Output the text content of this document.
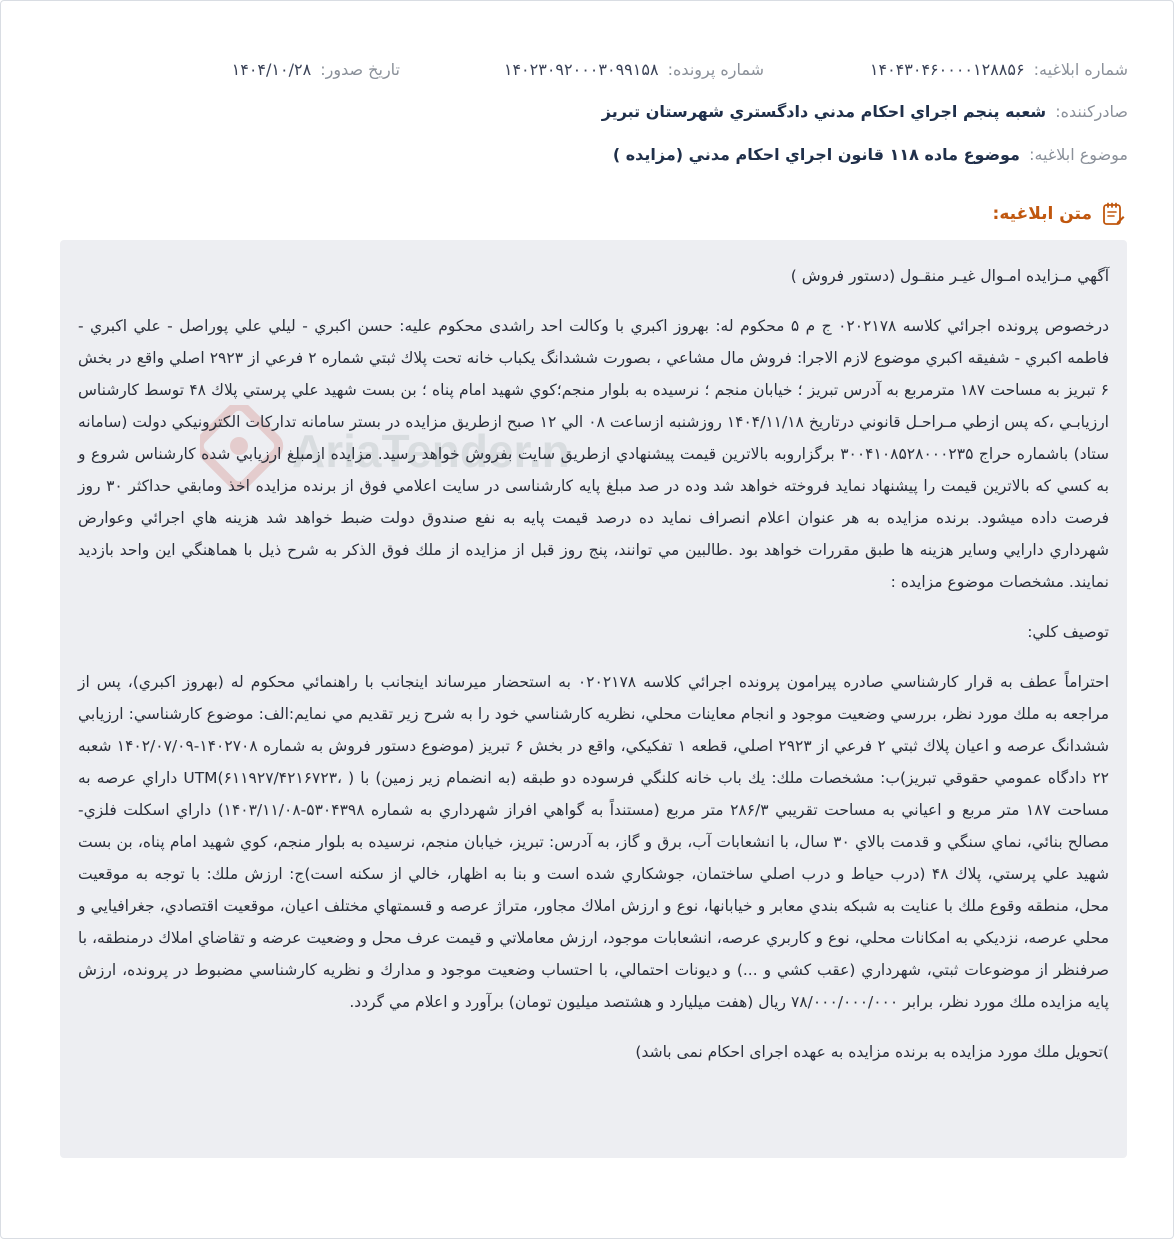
شماره ابلاغیه: ۱۴۰۴۳۰۴۶۰۰۰۰۱۲۸۸۵۶
شماره پرونده: ۱۴۰۲۳۰۹۲۰۰۰۳۰۹۹۱۵۸
تاریخ صدور: ۱۴۰۴/۱۰/۲۸
صادرکننده: شعبه پنجم اجراي احكام مدني دادگستري شهرستان تبريز
موضوع ابلاغیه: موضوع ماده ۱۱۸ قانون اجراي احكام مدني (مزايده )
متن ابلاغیه:
AriaTender.n

آگهي مـزايده امـوال غيـر منقـول (دستور فروش )

درخصوص پرونده اجرائي كلاسه ۰۲۰۲۱۷۸ ج م ۵ محكوم له: بهروز اكبري با وكالت احد راشدی محكوم عليه: حسن اكبري - ليلي علي پوراصل - علي اكبري - فاطمه اكبري - شفيقه اكبري موضوع لازم الاجرا: فروش مال مشاعي ، بصورت ششدانگ يكباب خانه تحت پلاك ثبتي شماره ۲ فرعي از ۲۹۲۳ اصلي واقع در بخش ۶ تبريز به مساحت ۱۸۷ مترمربع به آدرس تبريز ؛ خيابان منجم ؛ نرسيده به بلوار منجم؛كوي شهيد امام پناه ؛ بن بست شهيد علي پرستي پلاك ۴۸ توسط كارشناس ارزيابـي ،كه پس ازطي مـراحـل قانوني درتاريخ ۱۴۰۴/۱۱/۱۸ روزشنبه ازساعت ۰۸ الي ۱۲ صبح ازطريق مزايده در بستر سامانه تداركات الكترونيكي دولت (سامانه ستاد) باشماره حراج ۳۰۰۴۱۰۸۵۲۸۰۰۰۲۳۵ برگزاروبه بالاترين قيمت پيشنهادي ازطريق سايت بفروش خواهد رسيد. مزايده ازمبلغ ارزيابي شده كارشناس شروع و به كسي كه بالاترين قيمت را پيشنهاد نمايد فروخته خواهد شد وده در صد مبلغ پايه كارشناسی در سايت اعلامي فوق از برنده مزايده اخذ ومابقي حداكثر ۳۰ روز فرصت داده ميشود. برنده مزايده به هر عنوان اعلام انصراف نمايد ده درصد قيمت پايه به نفع صندوق دولت ضبط خواهد شد هزينه هاي اجرائي وعوارض شهرداري دارايي وساير هزينه ها طبق مقررات خواهد بود .طالبين مي توانند، پنج روز قبل از مزايده از ملك فوق الذكر به شرح ذيل با هماهنگي اين واحد بازديد نمايند. مشخصات موضوع مزايده :

توصيف كلي:

احتراماً عطف به قرار كارشناسي صادره پيرامون پرونده اجرائي كلاسه ۰۲۰۲۱۷۸ به استحضار ميرساند اينجانب با راهنمائي محكوم له (بهروز اكبري)، پس از مراجعه به ملك مورد نظر، بررسي وضعيت موجود و انجام معاينات محلي، نظريه كارشناسي خود را به شرح زير تقديم مي نمايم:الف: موضوع كارشناسي: ارزيابي ششدانگ عرصه و اعيان پلاك ثبتي ۲ فرعي از ۲۹۲۳ اصلي، قطعه ۱ تفكيكي، واقع در بخش ۶ تبريز (موضوع دستور فروش به شماره ۱۴۰۲۷۰۸-۱۴۰۲/۰۷/۰۹ شعبه ۲۲ دادگاه عمومي حقوقي تبريز)ب: مشخصات ملك: يك باب خانه كلنگي فرسوده دو طبقه (به انضمام زير زمين) با UTM(۶۱۱۹۲۷/۴۲۱۶۷۲۳، ) داراي عرصه به مساحت ۱۸۷ متر مربع و اعياني به مساحت تقريبي ۲۸۶/۳ متر مربع (مستنداً به گواهي افراز شهرداري به شماره ۵۳۰۴۳۹۸-۱۴۰۳/۱۱/۰۸) داراي اسكلت فلزي-مصالح بنائي، نماي سنگي و قدمت بالاي ۳۰ سال، با انشعابات آب، برق و گاز، به آدرس: تبريز، خيابان منجم، نرسيده به بلوار منجم، كوي شهيد امام پناه، بن بست شهيد علي پرستي، پلاك ۴۸ (درب حياط و درب اصلي ساختمان، جوشكاري شده است و بنا به اظهار، خالي از سكنه است)ج: ارزش ملك: با توجه به موقعيت محل، منطقه وقوع ملك با عنايت به شبكه بندي معابر و خيابانها، نوع و ارزش املاك مجاور، متراژ عرصه و قسمتهاي مختلف اعيان، موقعيت اقتصادي، جغرافيايي و محلي عرصه، نزديكي به امكانات محلي، نوع و كاربري عرصه، انشعابات موجود، ارزش معاملاتي و قيمت عرف محل و وضعيت عرضه و تقاضاي املاك درمنطقه، با صرفنظر از موضوعات ثبتي، شهرداري (عقب كشي و ...) و ديونات احتمالي، با احتساب وضعيت موجود و مدارك و نظريه كارشناسي مضبوط در پرونده، ارزش پايه مزايده ملك مورد نظر، برابر ۷۸/۰۰۰/۰۰۰/۰۰۰ ريال (هفت ميليارد و هشتصد ميليون تومان) برآورد و اعلام مي گردد.

)تحويل ملك مورد مزايده به برنده مزايده به عهده اجرای احكام نمی باشد)
